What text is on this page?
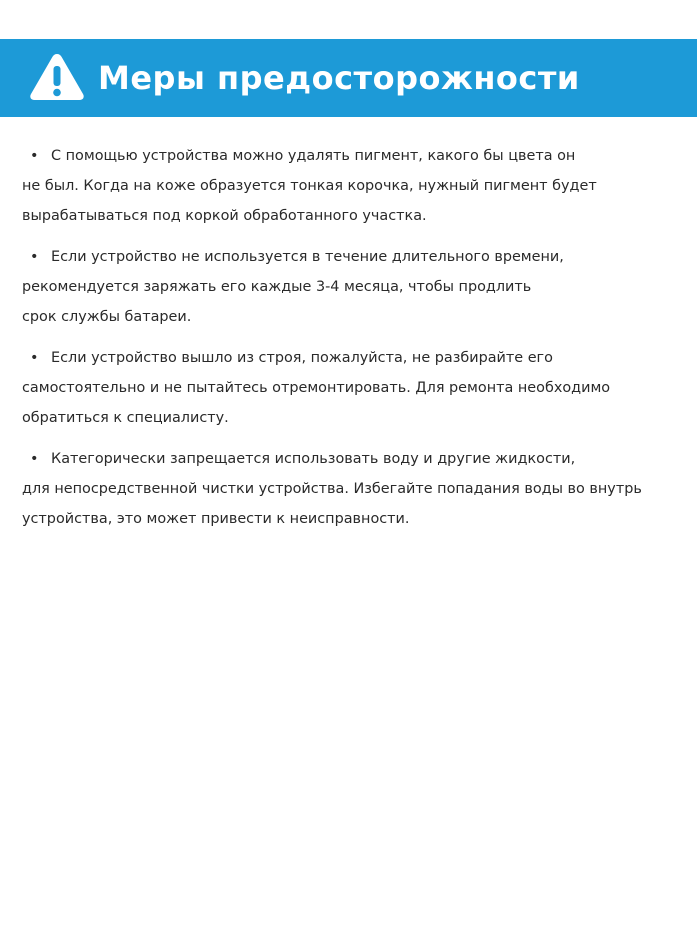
Меры предосторожности
• С помощью устройства можно удалять пигмент, какого бы цвета он
не был. Когда на коже образуется тонкая корочка, нужный пигмент будет
вырабатываться под коркой обработанного участка.
• Если устройство не используется в течение длительного времени,
рекомендуется заряжать его каждые 3-4 месяца, чтобы продлить
срок службы батареи.
• Если устройство вышло из строя, пожалуйста, не разбирайте его
самостоятельно и не пытайтесь отремонтировать. Для ремонта необходимо
обратиться к специалисту.
• Категорически запрещается использовать воду и другие жидкости,
для непосредственной чистки устройства. Избегайте попадания воды во внутрь
устройства, это может привести к неисправности.
